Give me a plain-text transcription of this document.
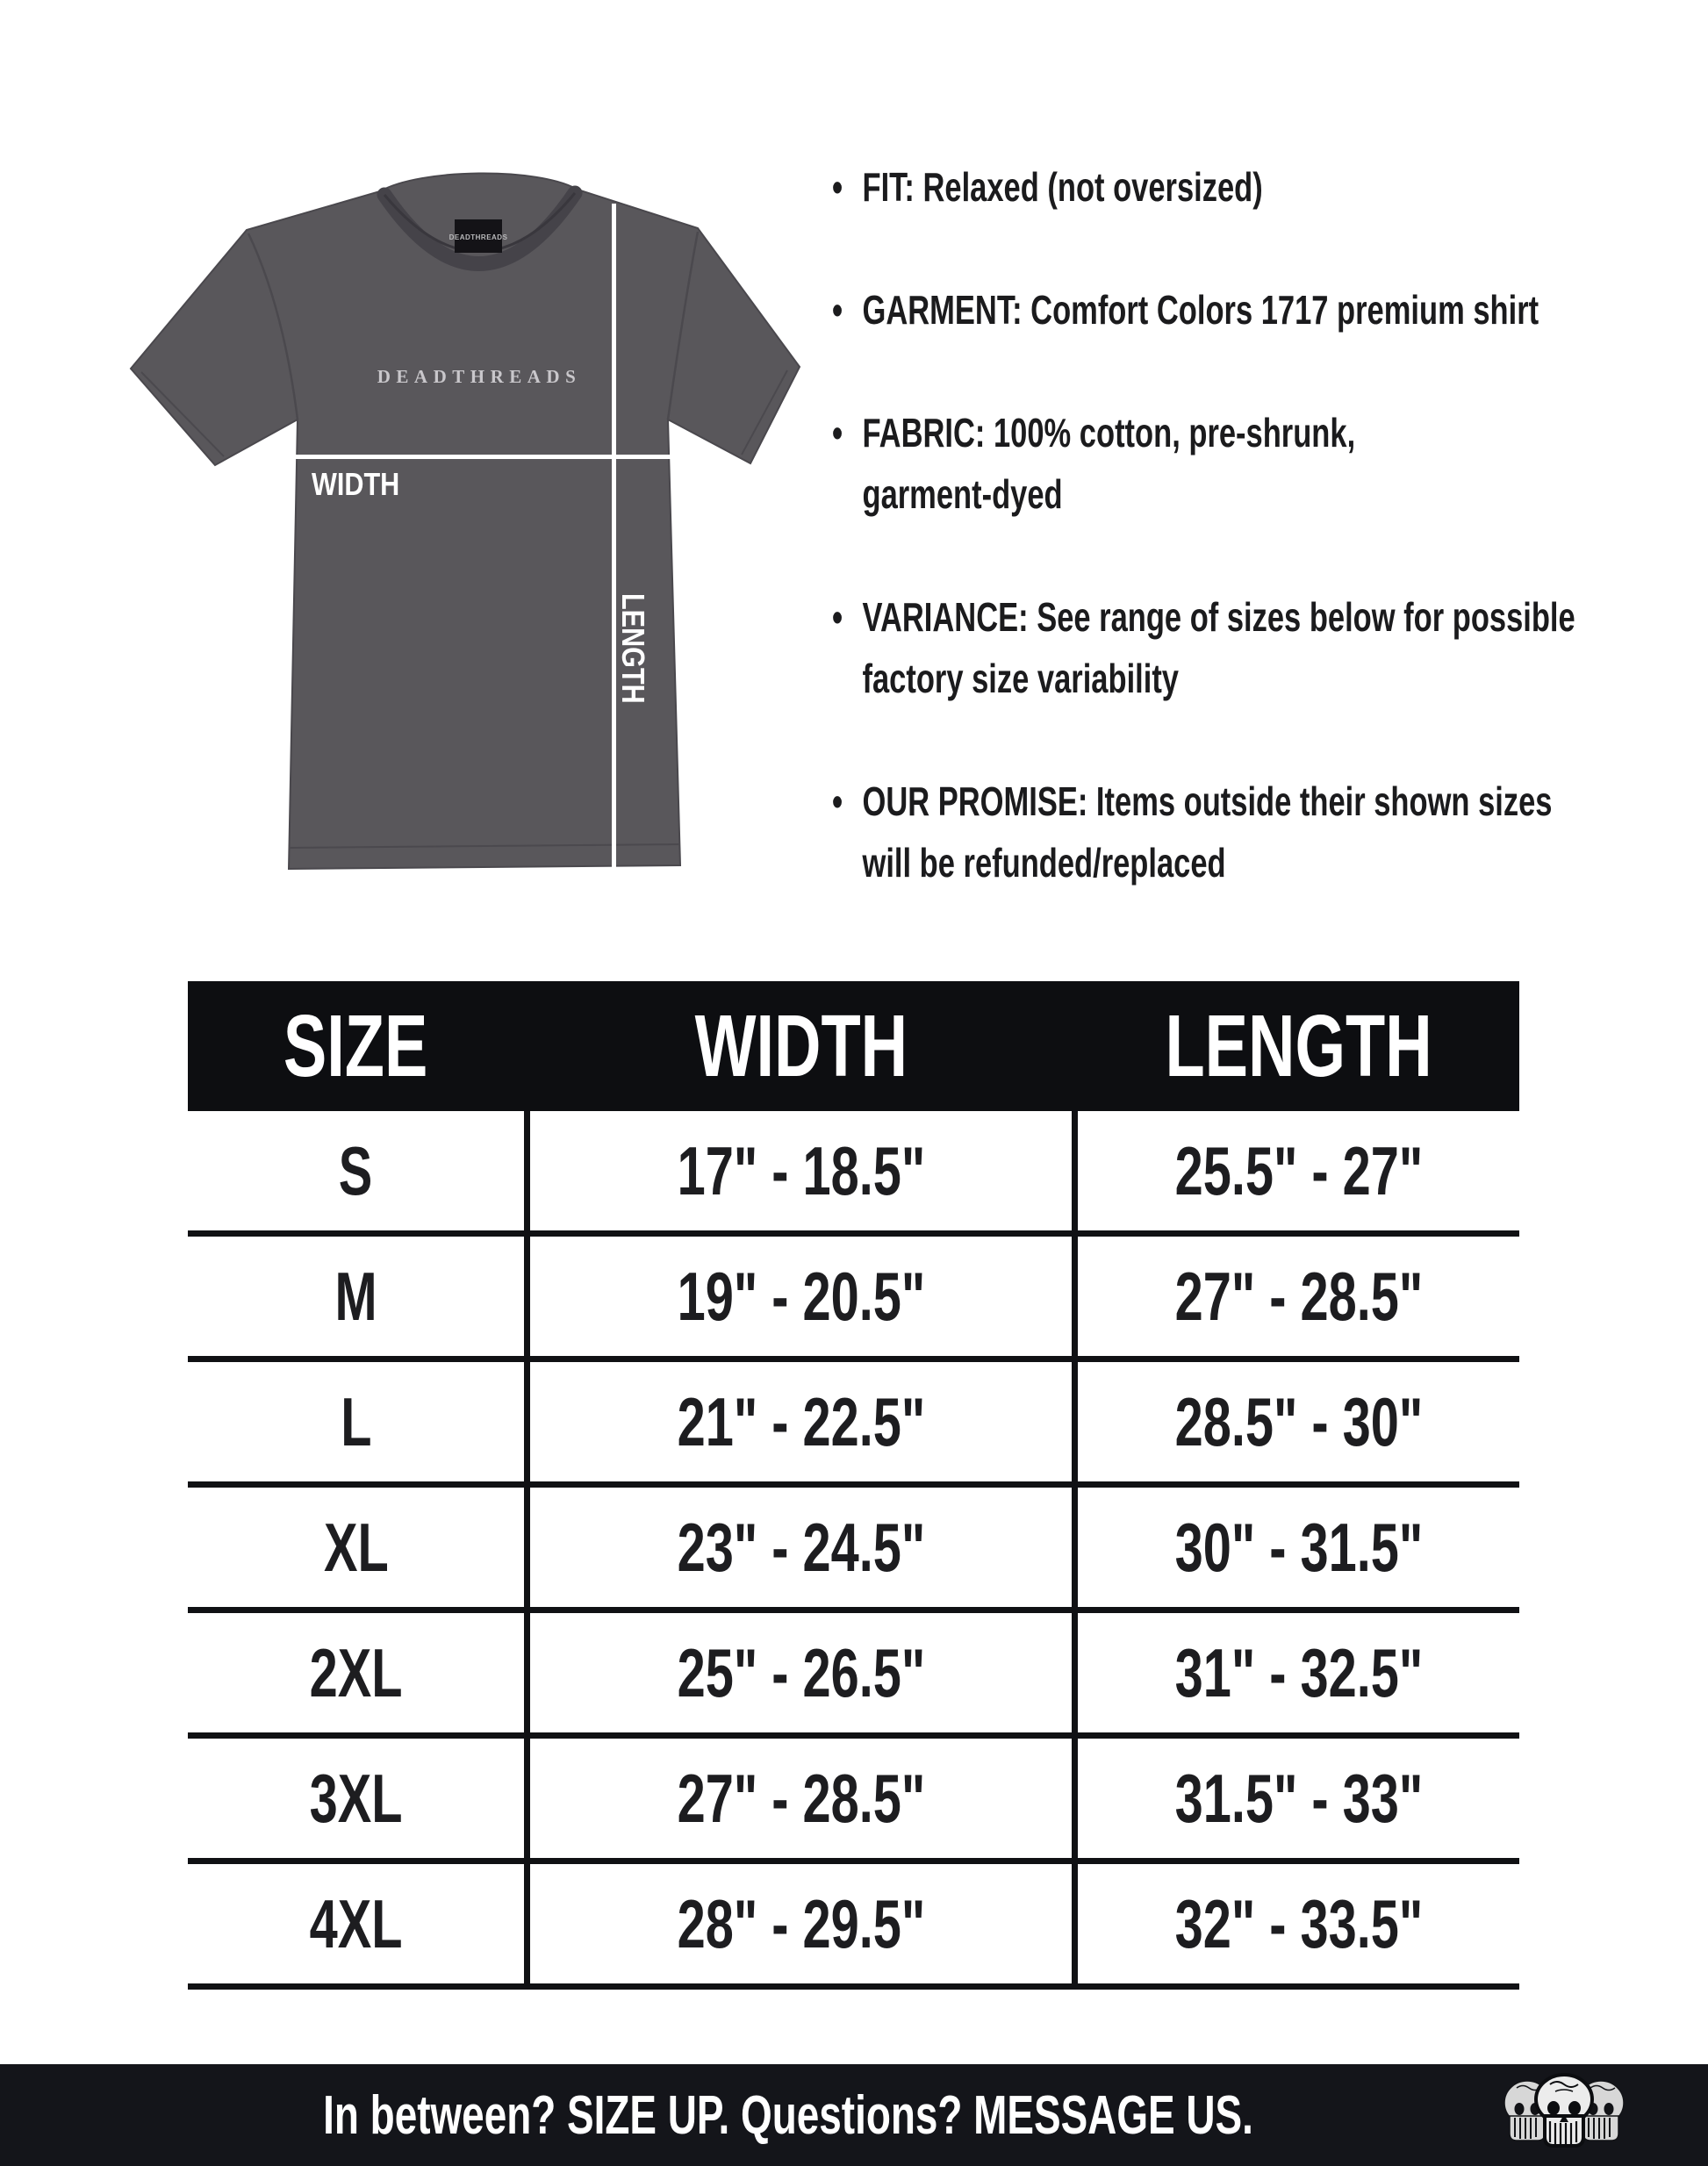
DEADTHREADS
DEADTHREADS
WIDTH
LENGTH
• FIT: Relaxed (not oversized)
• GARMENT: Comfort Colors 1717 premium shirt
• FABRIC: 100% cotton, pre-shrunk,
garment-dyed
• VARIANCE: See range of sizes below for possible
factory size variability
• OUR PROMISE: Items outside their shown sizes
will be refunded/replaced
SIZE	WIDTH	LENGTH
S	17" - 18.5"	25.5" - 27"
M	19" - 20.5"	27" - 28.5"
L	21" - 22.5"	28.5" - 30"
XL	23" - 24.5"	30" - 31.5"
2XL	25" - 26.5"	31" - 32.5"
3XL	27" - 28.5"	31.5" - 33"
4XL	28" - 29.5"	32" - 33.5"
In between? SIZE UP. Questions? MESSAGE US.
